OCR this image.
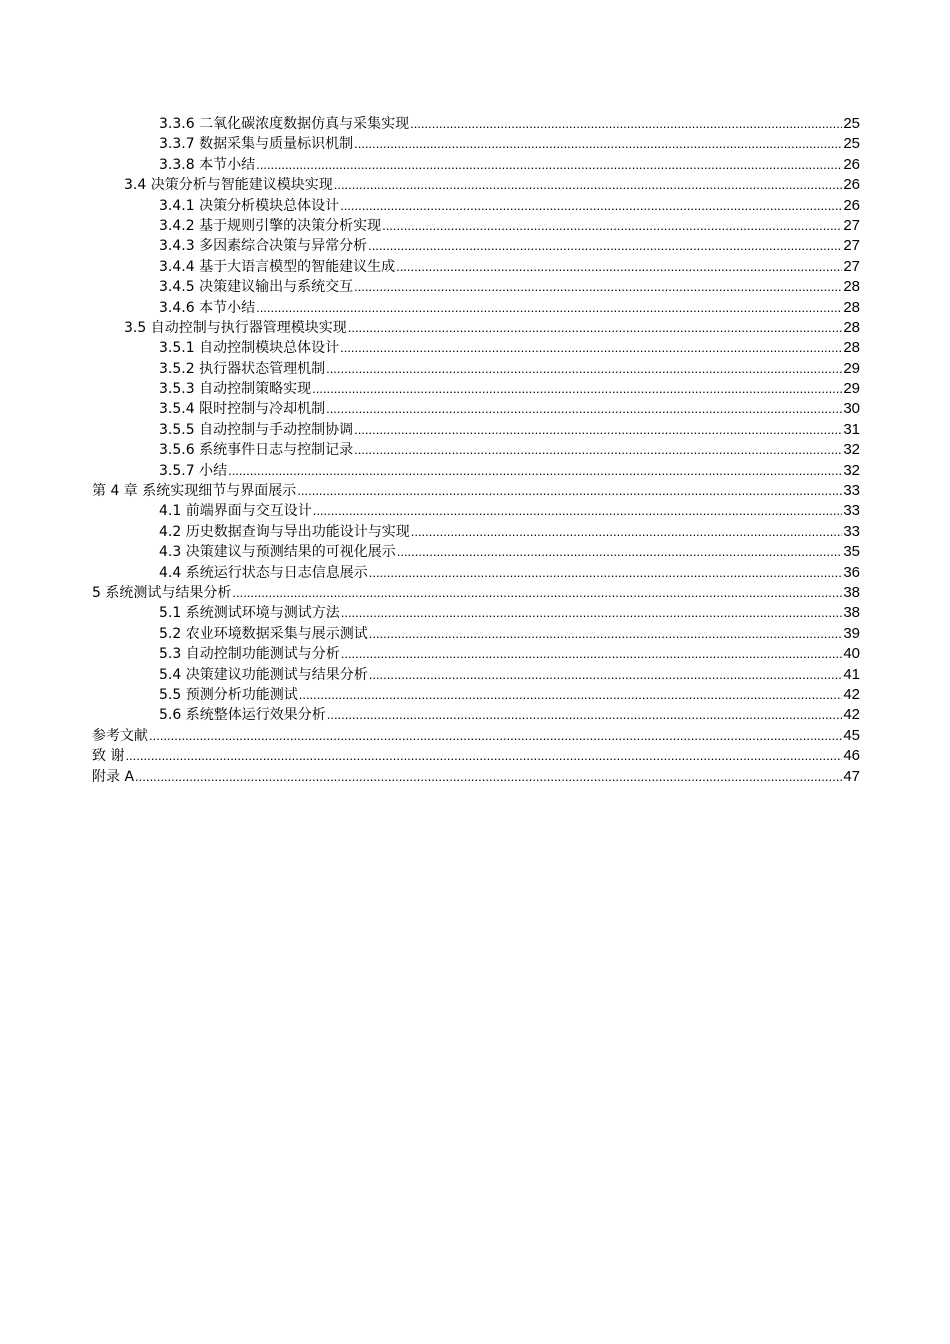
3.3.6 二氧化碳浓度数据仿真与采集实现 .....	25
3.3.7 数据采集与质量标识机制 .....	25
3.3.8 本节小结 .....	26
3.4 决策分析与智能建议模块实现 .....	26
3.4.1 决策分析模块总体设计 .....	26
3.4.2 基于规则引擎的决策分析实现 .....	27
3.4.3 多因素综合决策与异常分析 .....	27
3.4.4 基于大语言模型的智能建议生成 .....	27
3.4.5 决策建议输出与系统交互 .....	28
3.4.6 本节小结 .....	28
3.5 自动控制与执行器管理模块实现 .....	28
3.5.1 自动控制模块总体设计 .....	28
3.5.2 执行器状态管理机制 .....	29
3.5.3 自动控制策略实现 .....	29
3.5.4 限时控制与冷却机制 .....	30
3.5.5 自动控制与手动控制协调 .....	31
3.5.6 系统事件日志与控制记录 .....	32
3.5.7 小结 .....	32
第 4 章 系统实现细节与界面展示 .....	33
4.1 前端界面与交互设计 .....	33
4.2 历史数据查询与导出功能设计与实现 .....	33
4.3 决策建议与预测结果的可视化展示 .....	35
4.4 系统运行状态与日志信息展示 .....	36
5 系统测试与结果分析 .....	38
5.1 系统测试环境与测试方法 .....	38
5.2 农业环境数据采集与展示测试 .....	39
5.3 自动控制功能测试与分析 .....	40
5.4 决策建议功能测试与结果分析 .....	41
5.5 预测分析功能测试 .....	42
5.6 系统整体运行效果分析 .....	42
参考文献 .....	45
致 谢 .....	46
附录 A .....	47
